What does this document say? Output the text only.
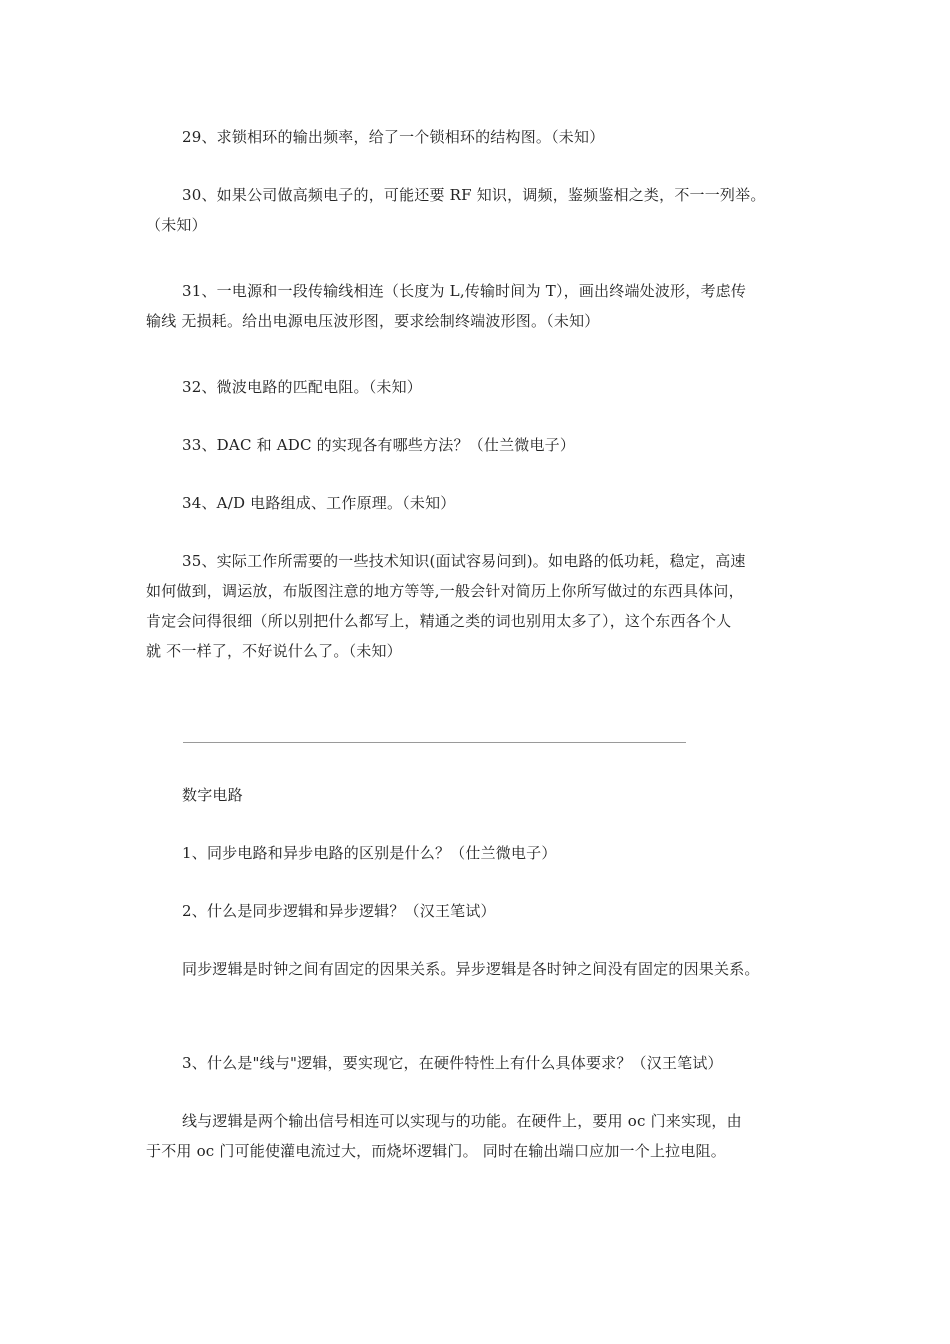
29、求锁相环的输出频率，给了一个锁相环的结构图。（未知）

30、如果公司做高频电子的，可能还要 RF 知识，调频，鉴频鉴相之类，不一一列举。
（未知）

31、一电源和一段传输线相连（长度为 L,传输时间为 T），画出终端处波形，考虑传
输线 无损耗。给出电源电压波形图，要求绘制终端波形图。（未知）

32、微波电路的匹配电阻。（未知）

33、DAC 和 ADC 的实现各有哪些方法？（仕兰微电子）

34、A/D 电路组成、工作原理。（未知）

35、实际工作所需要的一些技术知识(面试容易问到)。如电路的低功耗，稳定，高速
如何做到，调运放，布版图注意的地方等等,一般会针对简历上你所写做过的东西具体问，
肯定会问得很细（所以别把什么都写上，精通之类的词也别用太多了），这个东西各个人
就 不一样了，不好说什么了。（未知）

数字电路

1、同步电路和异步电路的区别是什么？（仕兰微电子）

2、什么是同步逻辑和异步逻辑？（汉王笔试）

同步逻辑是时钟之间有固定的因果关系。异步逻辑是各时钟之间没有固定的因果关系。

3、什么是"线与"逻辑，要实现它，在硬件特性上有什么具体要求？（汉王笔试）

线与逻辑是两个输出信号相连可以实现与的功能。在硬件上，要用 oc 门来实现，由
于不用 oc 门可能使灌电流过大，而烧坏逻辑门。 同时在输出端口应加一个上拉电阻。
